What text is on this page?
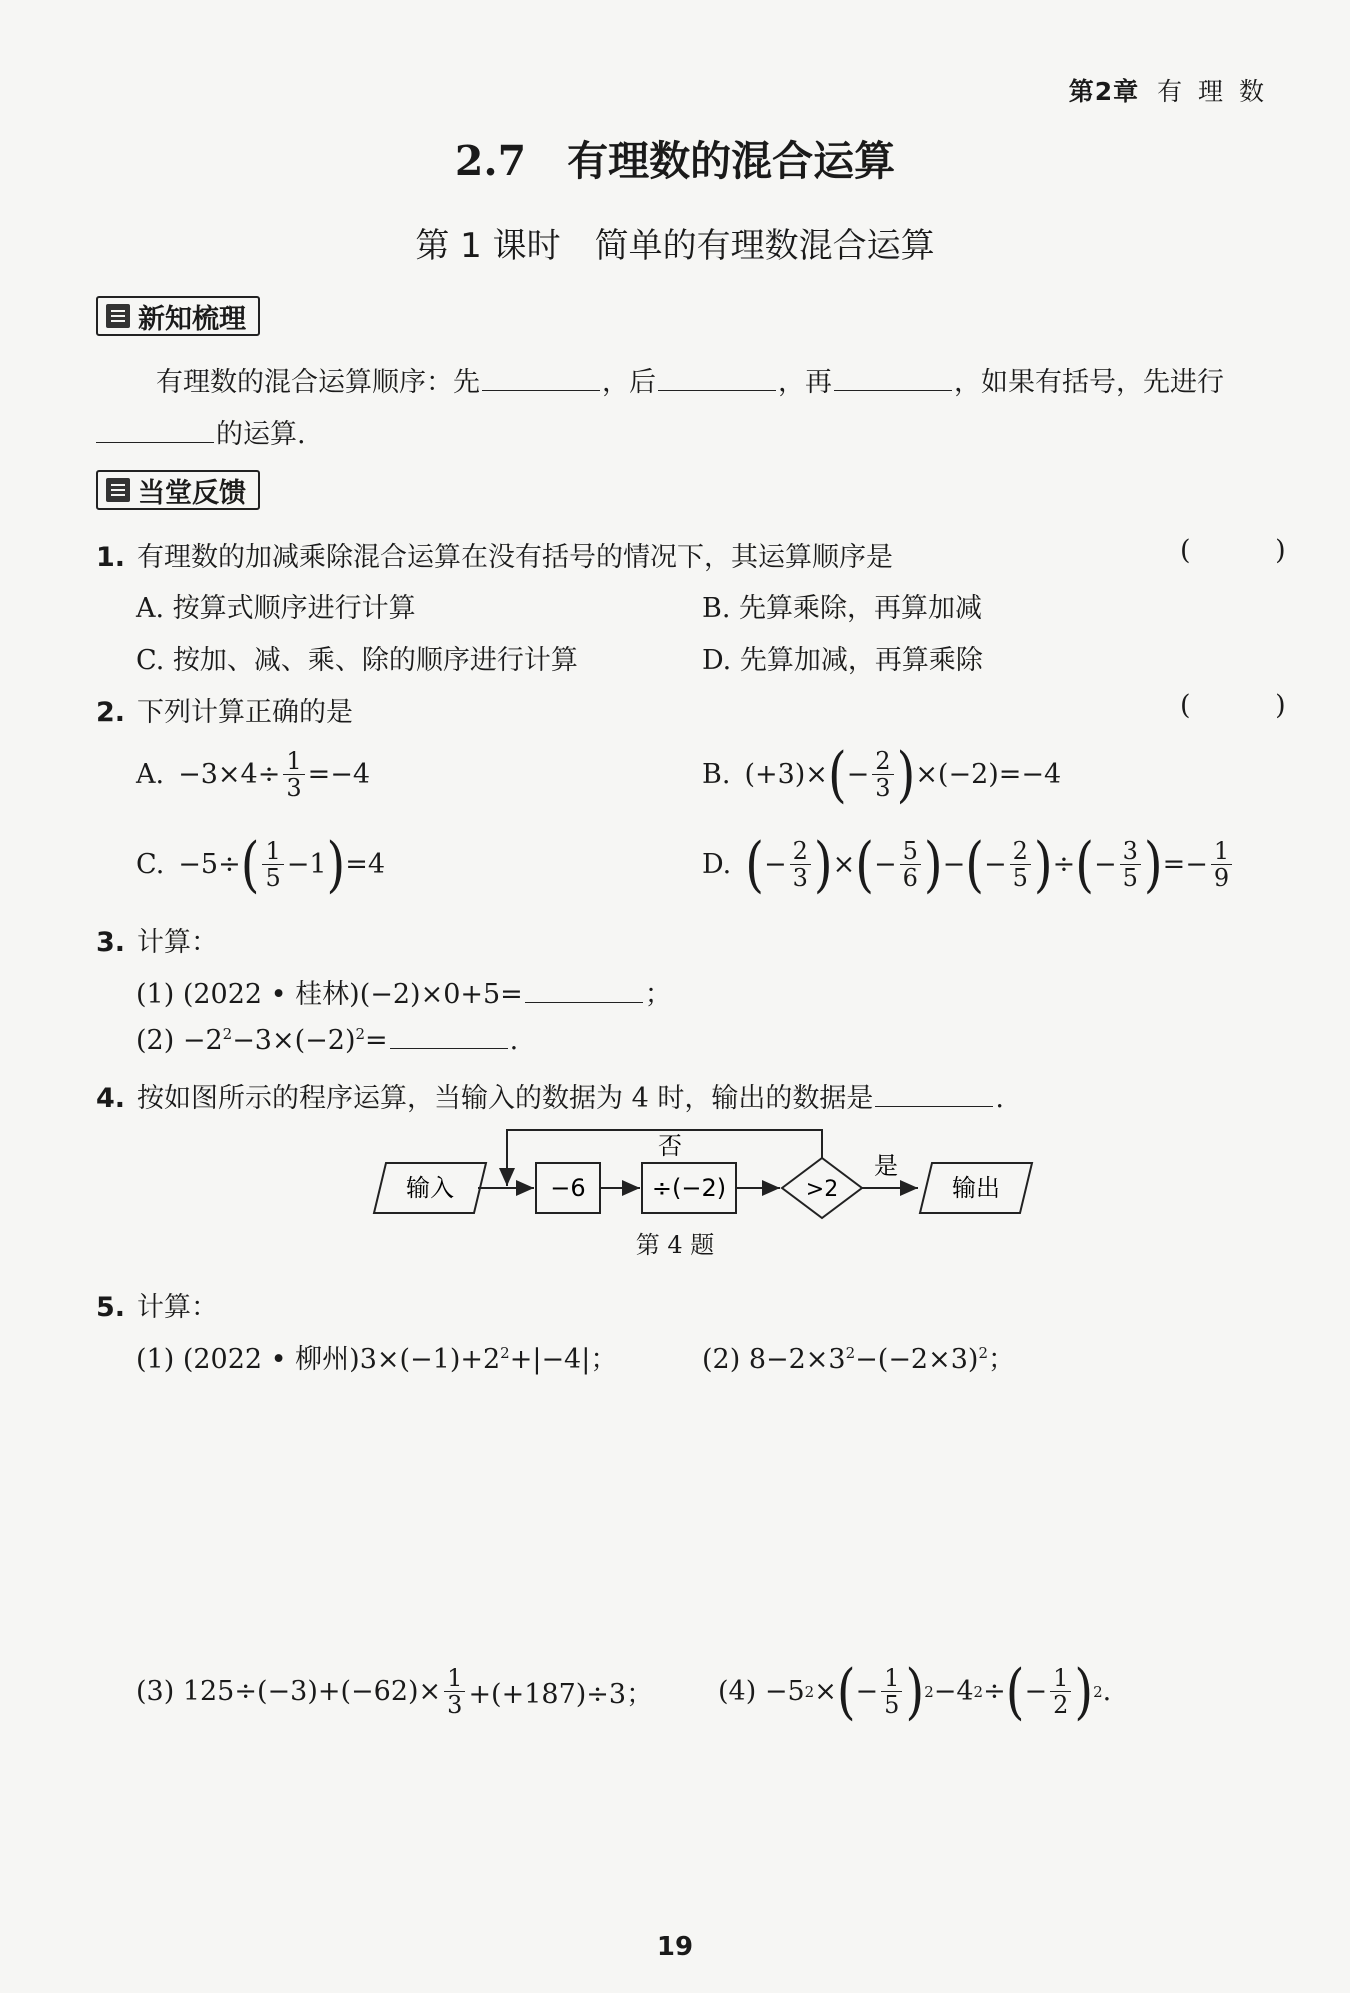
第2章 有 理 数
2.7　有理数的混合运算
第 1 课时　简单的有理数混合运算
新知梳理
有理数的混合运算顺序：先	，后	，再	，如果有括号，先进行
的运算.
当堂反馈
1. 有理数的加减乘除混合运算在没有括号的情况下，其运算顺序是	( )
A. 按算式顺序进行计算	B. 先算乘除，再算加减
C. 按加、减、乘、除的顺序进行计算	D. 先算加减，再算乘除
2. 下列计算正确的是	( )
A. $-3\times 4\div \frac{1}{3} =-4$	B. (+3)× ( − $\frac{2}{3}$ ) ×(−2)=−4
C. −5÷ ( $\frac{1}{5} -1$ ) =4	D. ( − $\frac{2}{3}$ ) × ( − $\frac{5}{6}$ ) − ( − $\frac{2}{5}$ ) ÷ ( − $\frac{3}{5}$ ) =− $\frac{1}{9}$
3. 计算：
(1) (2022 • 桂林)(−2)×0+5=	；
$(2) -2^2-3\times(-2)^2=$	.
4. 按如图所示的程序运算，当输入的数据为 4 时，输出的数据是	.
输入	−6	÷(−2)	>2
否
是
输出
第 4 题
5. 计算：
(1) (2022 • 柳州)$3\times(-1)+2^2+|-4|$；	(2) $8-2\times 3^2-(-2\times 3)^2$；
(3) $125\div(-3)+(-62)\times \frac{1}{3} +(+187)\div 3$； (4) −5 2 × ( − $\frac{1}{5}$ ) 2 −4 2 ÷ ( − $\frac{1}{2}$ ) 2 .
19
